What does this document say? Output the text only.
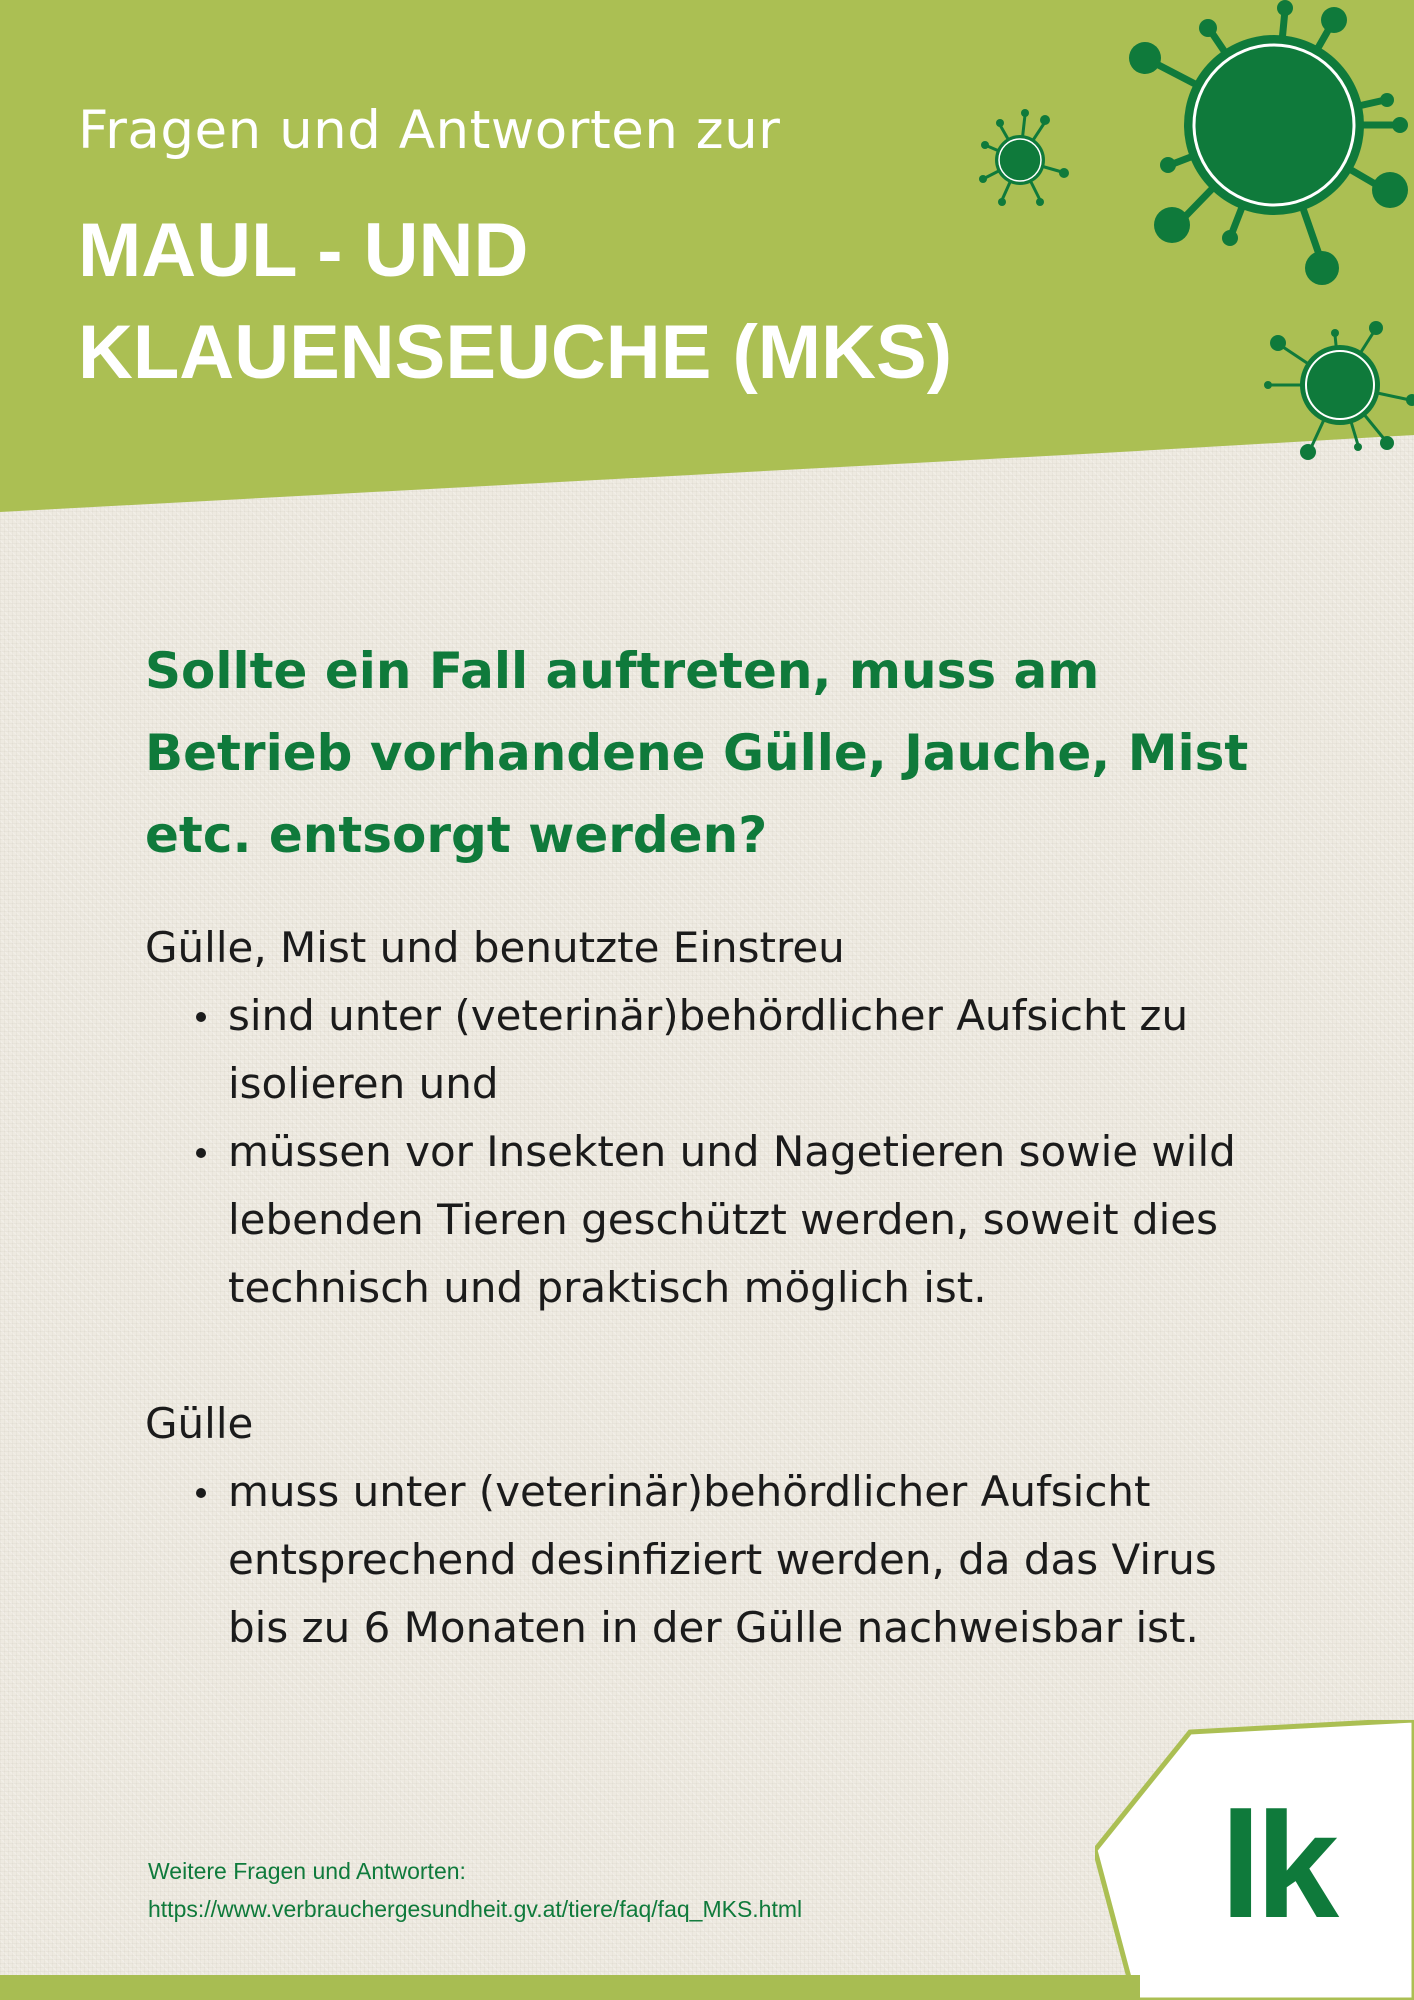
Fragen und Antworten zur
MAUL - UND
KLAUENSEUCHE (MKS)
Sollte ein Fall auftreten, muss am
Betrieb vorhandene Gülle, Jauche, Mist
etc. entsorgt werden?

Gülle, Mist und benutzte Einstreu

sind unter (veterinär)behördlicher Aufsicht zu isolieren und
müssen vor Insekten und Nagetieren sowie wild lebenden Tieren geschützt werden, soweit dies technisch und praktisch möglich ist.

Gülle

muss unter (veterinär)behördlicher Aufsicht entsprechend desinfiziert werden, da das Virus bis zu 6 Monaten in der Gülle nachweisbar ist.
Weitere Fragen und Antworten:
https://www.verbrauchergesundheit.gv.at/tiere/faq/faq_MKS.html	lk
